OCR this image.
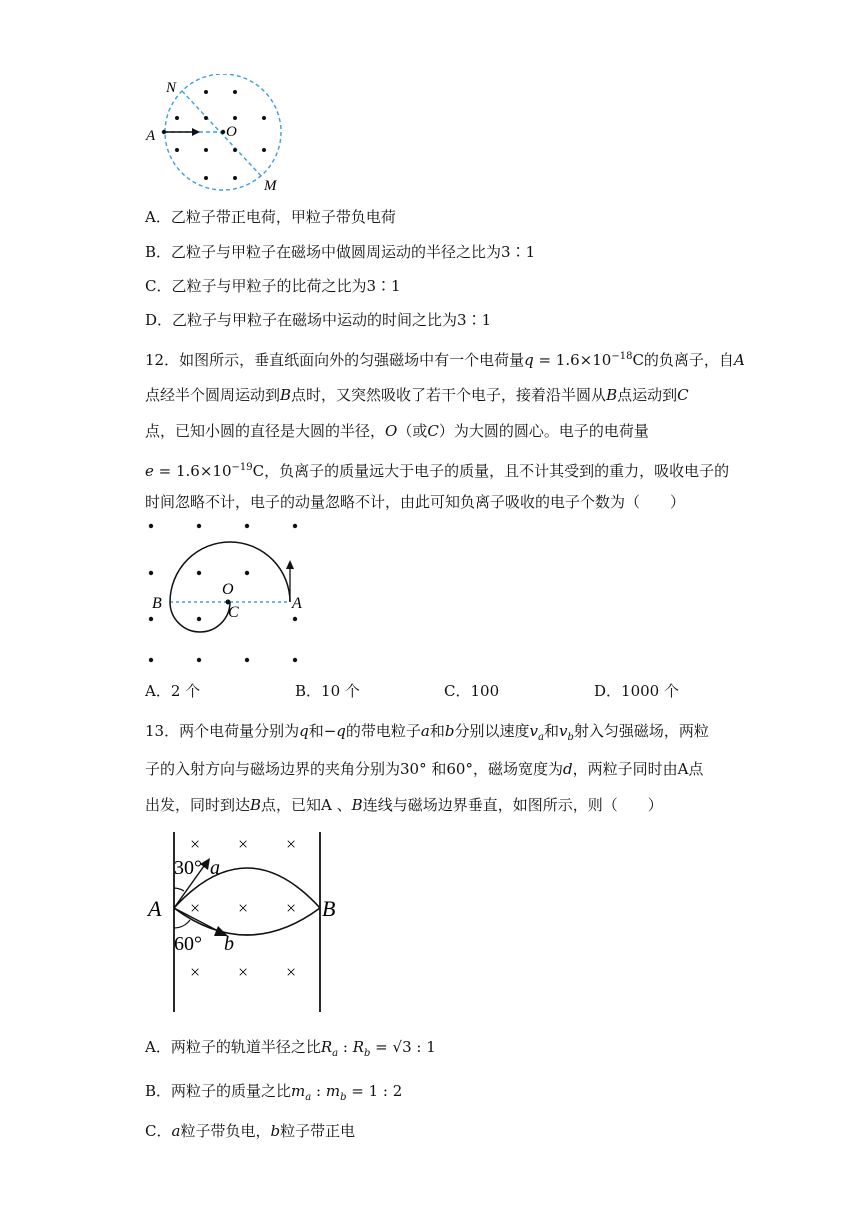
N
A	O
M
A．乙粒子带正电荷，甲粒子带负电荷
B．乙粒子与甲粒子在磁场中做圆周运动的半径之比为3∶1
C．乙粒子与甲粒子的比荷之比为3∶1
D．乙粒子与甲粒子在磁场中运动的时间之比为3∶1
12．如图所示，垂直纸面向外的匀强磁场中有一个电荷量$q = 1.6\times 10^{-18}C$的负离子，自A
点经半个圆周运动到B点时，又突然吸收了若干个电子，接着沿半圆从B点运动到C
点，已知小圆的直径是大圆的半径，O（或C）为大圆的圆心。电子的电荷量
$e = 1.6\times 10^{-19}C$，负离子的质量远大于电子的质量，且不计其受到的重力，吸收电子的
时间忽略不计，电子的动量忽略不计，由此可知负离子吸收的电子个数为（　　）
B
O
C
A
A．2 个	B．10 个	C．100	D．1000 个
13．两个电荷量分别为q和−q的带电粒子a和b分别以速度$v_a$和$v_b$射入匀强磁场，两粒
子的入射方向与磁场边界的夹角分别为30° 和60°，磁场宽度为d，两粒子同时由A点
出发，同时到达B点，已知A 、B连线与磁场边界垂直，如图所示，则（　　）
× × ×
× × ×
× × ×
A	B
30° a
60° b
A．两粒子的轨道半径之比$R_a$ : $R_b = √3$ : 1
B．两粒子的质量之比$m_a$ : $m_b = 1$ : 2
C．a粒子带负电，b粒子带正电
